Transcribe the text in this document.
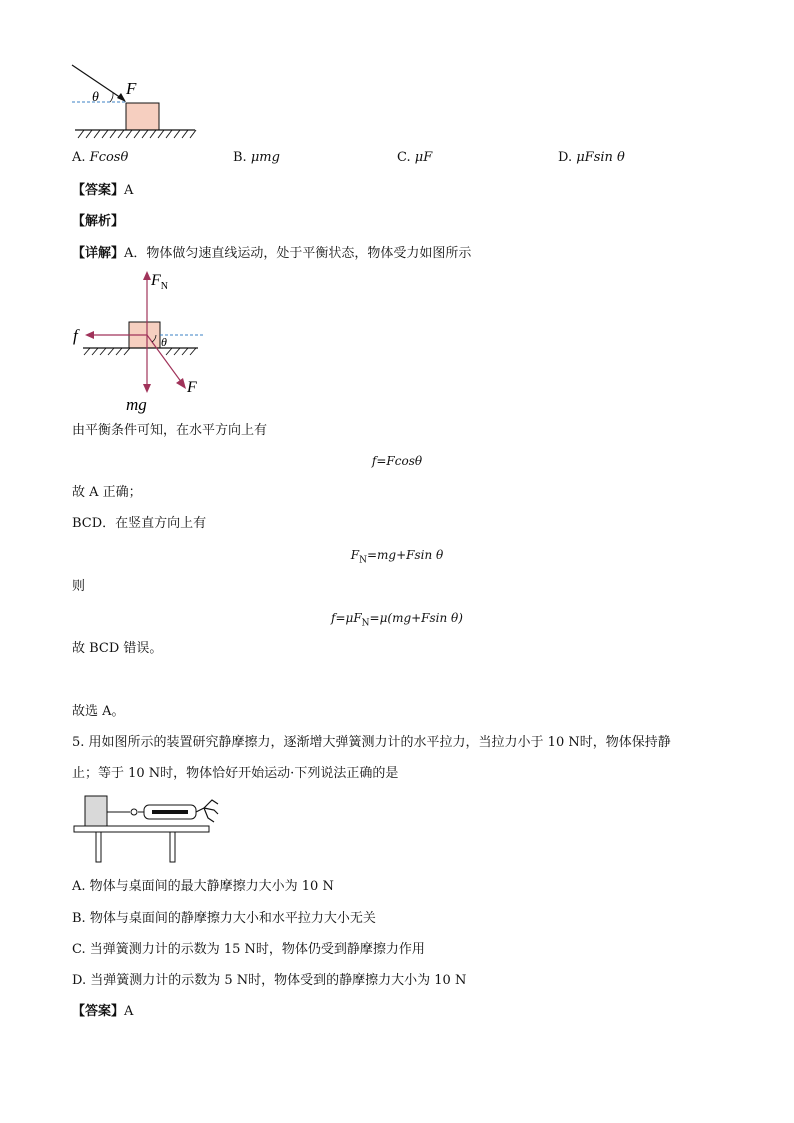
F
θ
A. Fcosθ	B. μmg	C. μF	D. μFsin θ
【答案】A
【解析】
【详解】A．物体做匀速直线运动，处于平衡状态，物体受力如图所示
$F_N$
f
mg
F
θ
由平衡条件可知，在水平方向上有
f=Fcosθ
故 A 正确；
BCD．在竖直方向上有
$F_N=mg+Fsin$ θ
则
$f=\mu F_N=\mu(mg+Fsin$ θ)
故 BCD 错误。
故选 A。
5. 用如图所示的装置研究静摩擦力，逐渐增大弹簧测力计的水平拉力，当拉力小于 10 N时，物体保持静
止；等于 10 N时，物体恰好开始运动·下列说法正确的是
A. 物体与桌面间的最大静摩擦力大小为 10 N
B. 物体与桌面间的静摩擦力大小和水平拉力大小无关
C. 当弹簧测力计的示数为 15 N时，物体仍受到静摩擦力作用
D. 当弹簧测力计的示数为 5 N时，物体受到的静摩擦力大小为 10 N
【答案】A
